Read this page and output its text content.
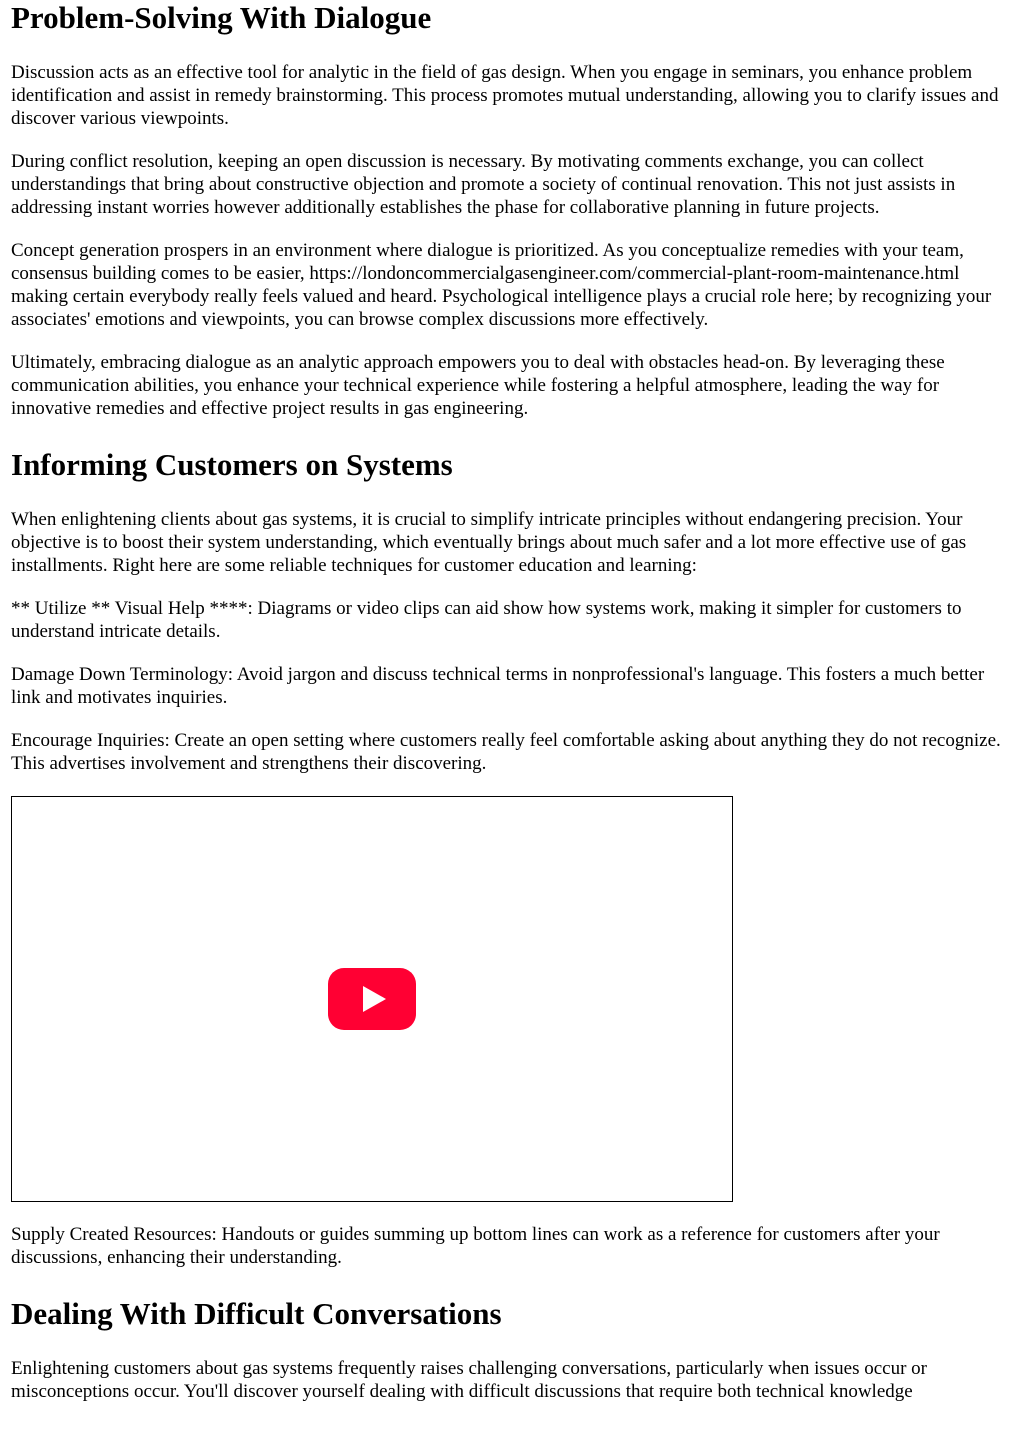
Problem-Solving With Dialogue

Discussion acts as an effective tool for analytic in the field of gas design. When you engage in seminars, you enhance problem identification and assist in remedy brainstorming. This process promotes mutual understanding, allowing you to clarify issues and discover various viewpoints.

During conflict resolution, keeping an open discussion is necessary. By motivating comments exchange, you can collect understandings that bring about constructive objection and promote a society of continual renovation. This not just assists in addressing instant worries however additionally establishes the phase for collaborative planning in future projects.

Concept generation prospers in an environment where dialogue is prioritized. As you conceptualize remedies with your team, consensus building comes to be easier, https://londoncommercialgasengineer.com/commercial-plant-room-maintenance.html making certain everybody really feels valued and heard. Psychological intelligence plays a crucial role here; by recognizing your associates' emotions and viewpoints, you can browse complex discussions more effectively.

Ultimately, embracing dialogue as an analytic approach empowers you to deal with obstacles head-on. By leveraging these communication abilities, you enhance your technical experience while fostering a helpful atmosphere, leading the way for innovative remedies and effective project results in gas engineering.

Informing Customers on Systems

When enlightening clients about gas systems, it is crucial to simplify intricate principles without endangering precision. Your objective is to boost their system understanding, which eventually brings about much safer and a lot more effective use of gas installments. Right here are some reliable techniques for customer education and learning:

** Utilize ** Visual Help ****: Diagrams or video clips can aid show how systems work, making it simpler for customers to understand intricate details.

Damage Down Terminology: Avoid jargon and discuss technical terms in nonprofessional's language. This fosters a much better link and motivates inquiries.

Encourage Inquiries: Create an open setting where customers really feel comfortable asking about anything they do not recognize. This advertises involvement and strengthens their discovering.

Supply Created Resources: Handouts or guides summing up bottom lines can work as a reference for customers after your discussions, enhancing their understanding.

Dealing With Difficult Conversations

Enlightening customers about gas systems frequently raises challenging conversations, particularly when issues occur or misconceptions occur. You'll discover yourself dealing with difficult discussions that require both technical knowledge
